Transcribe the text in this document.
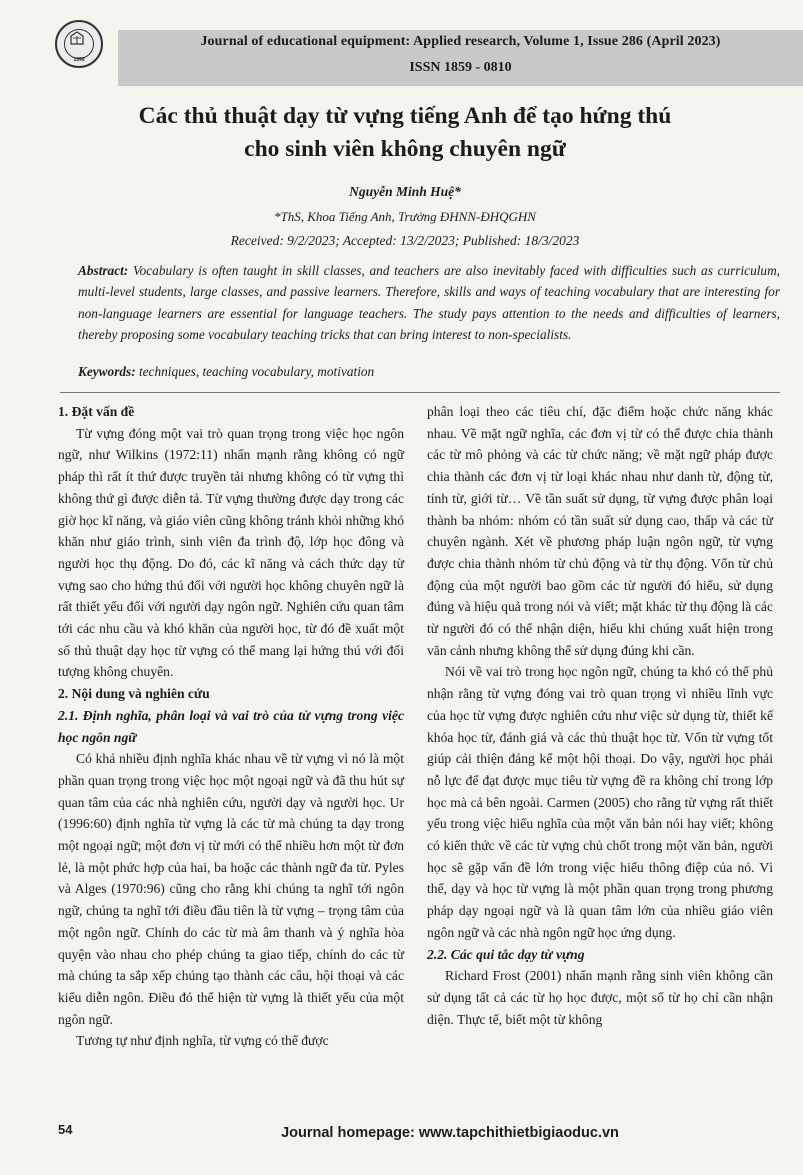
1999
Journal of educational equipment: Applied research, Volume 1, Issue 286 (April 2023)
ISSN 1859 - 0810
Các thủ thuật dạy từ vựng tiếng Anh để tạo hứng thú
cho sinh viên không chuyên ngữ
Nguyễn Minh Huệ*
*ThS, Khoa Tiếng Anh, Trường ĐHNN-ĐHQGHN
Received: 9/2/2023; Accepted: 13/2/2023; Published: 18/3/2023
Abstract: Vocabulary is often taught in skill classes, and teachers are also inevitably faced with difficulties such as curriculum, multi-level students, large classes, and passive learners. Therefore, skills and ways of teaching vocabulary that are interesting for non-language learners are essential for language teachers. The study pays attention to the needs and difficulties of learners, thereby proposing some vocabulary teaching tricks that can bring interest to non-specialists.
Keywords: techniques, teaching vocabulary, motivation
1. Đặt vấn đề

Từ vựng đóng một vai trò quan trọng trong việc học ngôn ngữ, như Wilkins (1972:11) nhấn mạnh rằng không có ngữ pháp thì rất ít thứ được truyền tải nhưng không có từ vựng thì không thứ gì được diễn tả. Từ vựng thường được dạy trong các giờ học kĩ năng, và giáo viên cũng không tránh khỏi những khó khăn như giáo trình, sinh viên đa trình độ, lớp học đông và người học thụ động. Do đó, các kĩ năng và cách thức dạy từ vựng sao cho hứng thú đối với người học không chuyên ngữ là rất thiết yếu đối với người dạy ngôn ngữ. Nghiên cứu quan tâm tới các nhu cầu và khó khăn của người học, từ đó đề xuất một số thủ thuật dạy học từ vựng có thể mang lại hứng thú với đối tượng không chuyên.

2. Nội dung và nghiên cứu
2.1. Định nghĩa, phân loại và vai trò của từ vựng trong việc học ngôn ngữ

Có khá nhiều định nghĩa khác nhau về từ vựng vì nó là một phần quan trọng trong việc học một ngoại ngữ và đã thu hút sự quan tâm của các nhà nghiên cứu, người dạy và người học. Ur (1996:60) định nghĩa từ vựng là các từ mà chúng ta dạy trong một ngoại ngữ; một đơn vị từ mới có thể nhiều hơn một từ đơn lẻ, là một phức hợp của hai, ba hoặc các thành ngữ đa từ. Pyles và Alges (1970:96) cũng cho rằng khi chúng ta nghĩ tới ngôn ngữ, chúng ta nghĩ tới điều đầu tiên là từ vựng – trọng tâm của một ngôn ngữ. Chính do các từ mà âm thanh và ý nghĩa hòa quyện vào nhau cho phép chúng ta giao tiếp, chính do các từ mà chúng ta sắp xếp chúng tạo thành các câu, hội thoại và các kiểu diễn ngôn. Điều đó thể hiện từ vựng là thiết yếu của một ngôn ngữ.

Tương tự như định nghĩa, từ vựng có thể được

phân loại theo các tiêu chí, đặc điểm hoặc chức năng khác nhau. Về mặt ngữ nghĩa, các đơn vị từ có thể được chia thành các từ mô phỏng và các từ chức năng; về mặt ngữ pháp được chia thành các đơn vị từ loại khác nhau như danh từ, động từ, tính từ, giới từ… Về tần suất sử dụng, từ vựng được phân loại thành ba nhóm: nhóm có tần suất sử dụng cao, thấp và các từ chuyên ngành. Xét về phương pháp luận ngôn ngữ, từ vựng được chia thành nhóm từ chủ động và từ thụ động. Vốn từ chủ động của một người bao gồm các từ người đó hiểu, sử dụng đúng và hiệu quả trong nói và viết; mặt khác từ thụ động là các từ người đó có thể nhận diện, hiểu khi chúng xuất hiện trong văn cảnh nhưng không thể sử dụng đúng khi cần.

Nói về vai trò trong học ngôn ngữ, chúng ta khó có thể phủ nhận rằng từ vựng đóng vai trò quan trọng vì nhiều lĩnh vực của học từ vựng được nghiên cứu như việc sử dụng từ, thiết kế khóa học từ, đánh giá và các thủ thuật học từ. Vốn từ vựng tốt giúp cải thiện đáng kể một hội thoại. Do vậy, người học phải nỗ lực để đạt được mục tiêu từ vựng đề ra không chỉ trong lớp học mà cả bên ngoài. Carmen (2005) cho rằng từ vựng rất thiết yếu trong việc hiểu nghĩa của một văn bản nói hay viết; không có kiến thức về các từ vựng chủ chốt trong một văn bản, người học sẽ gặp vấn đề lớn trong việc hiểu thông điệp của nó. Vì thế, dạy và học từ vựng là một phần quan trọng trong phương pháp dạy ngoại ngữ và là quan tâm lớn của nhiều giáo viên ngôn ngữ và các nhà ngôn ngữ học ứng dụng.

2.2. Các qui tắc dạy từ vựng

Richard Frost (2001) nhấn mạnh rằng sinh viên không cần sử dụng tất cả các từ họ học được, một số từ họ chỉ cần nhận diện. Thực tế, biết một từ không

54	Journal homepage: www.tapchithietbigiaoduc.vn
